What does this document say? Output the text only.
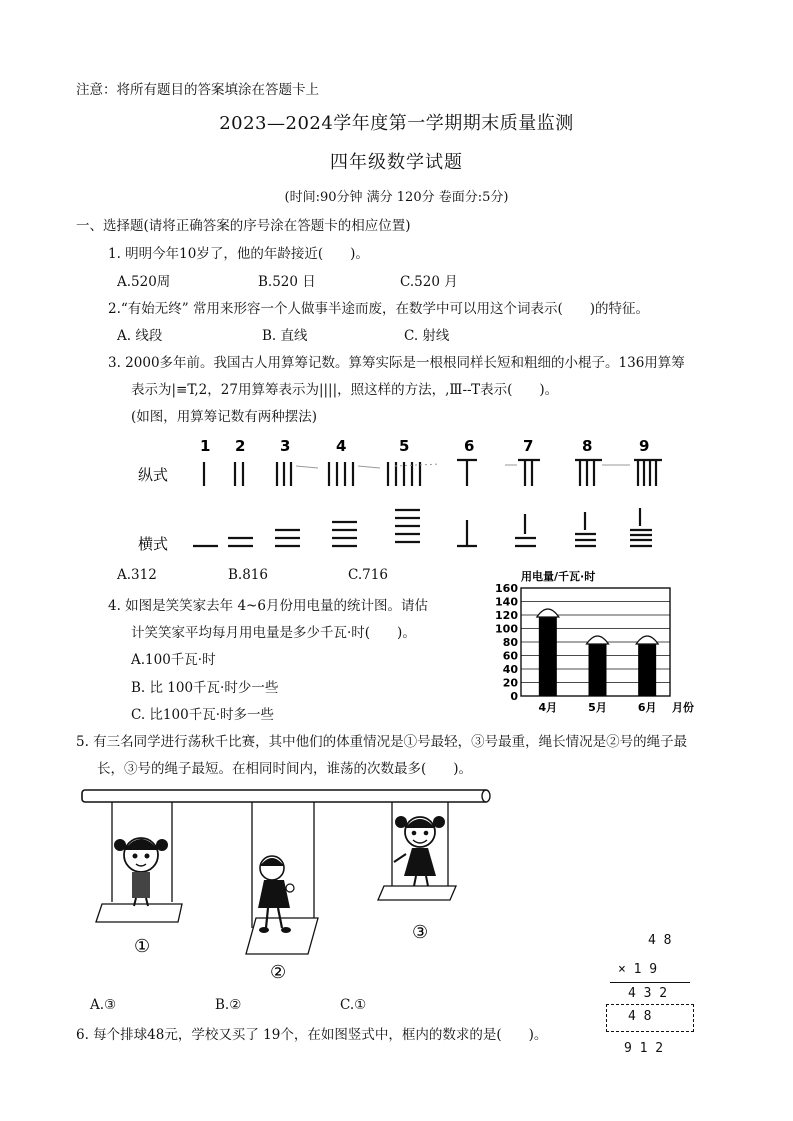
注意：将所有题目的答案填涂在答题卡上
2023—2024学年度第一学期期末质量监测
四年级数学试题
(时间:90分钟 满分 120分 卷面分:5分)
一、选择题(请将正确答案的序号涂在答题卡的相应位置)
1. 明明今年10岁了，他的年龄接近(　　)。
A.520周	B.520 日	C.520 月
2.“有始无终” 常用来形容一个人做事半途而废，在数学中可以用这个词表示(　　)的特征。
A. 线段	B. 直线	C. 射线
3. 2000多年前。我国古人用算筹记数。算筹实际是一根根同样长短和粗细的小棍子。136用算筹
表示为|≡T,2，27用算筹表示为||||，照这样的方法，,Ⅲ--T表示(　　)。
(如图，用算筹记数有两种摆法)
1 2 3	4	5	6	7	8	9
纵式
横式
A.312	B.816	C.716
4. 如图是笑笑家去年 4~6月份用电量的统计图。请估
计笑笑家平均每月用电量是多少千瓦·时(　　)。
A.100千瓦·时
B. 比 100千瓦·时少一些
C. 比100千瓦·时多一些
用电量/千瓦·时
160
140
120
100
80
60
40
20
0
4月	5月	6月 月份
5. 有三名同学进行荡秋千比赛，其中他们的体重情况是①号最轻，③号最重，绳长情况是②号的绳子最
长，③号的绳子最短。在相同时间内，谁荡的次数最多(　　)。
①
②
③
A.③	B.②	C.①
6. 每个排球48元，学校又买了 19个，在如图竖式中，框内的数求的是(　　)。
4 8
× 1 9
4 3 2
4 8
9 1 2
